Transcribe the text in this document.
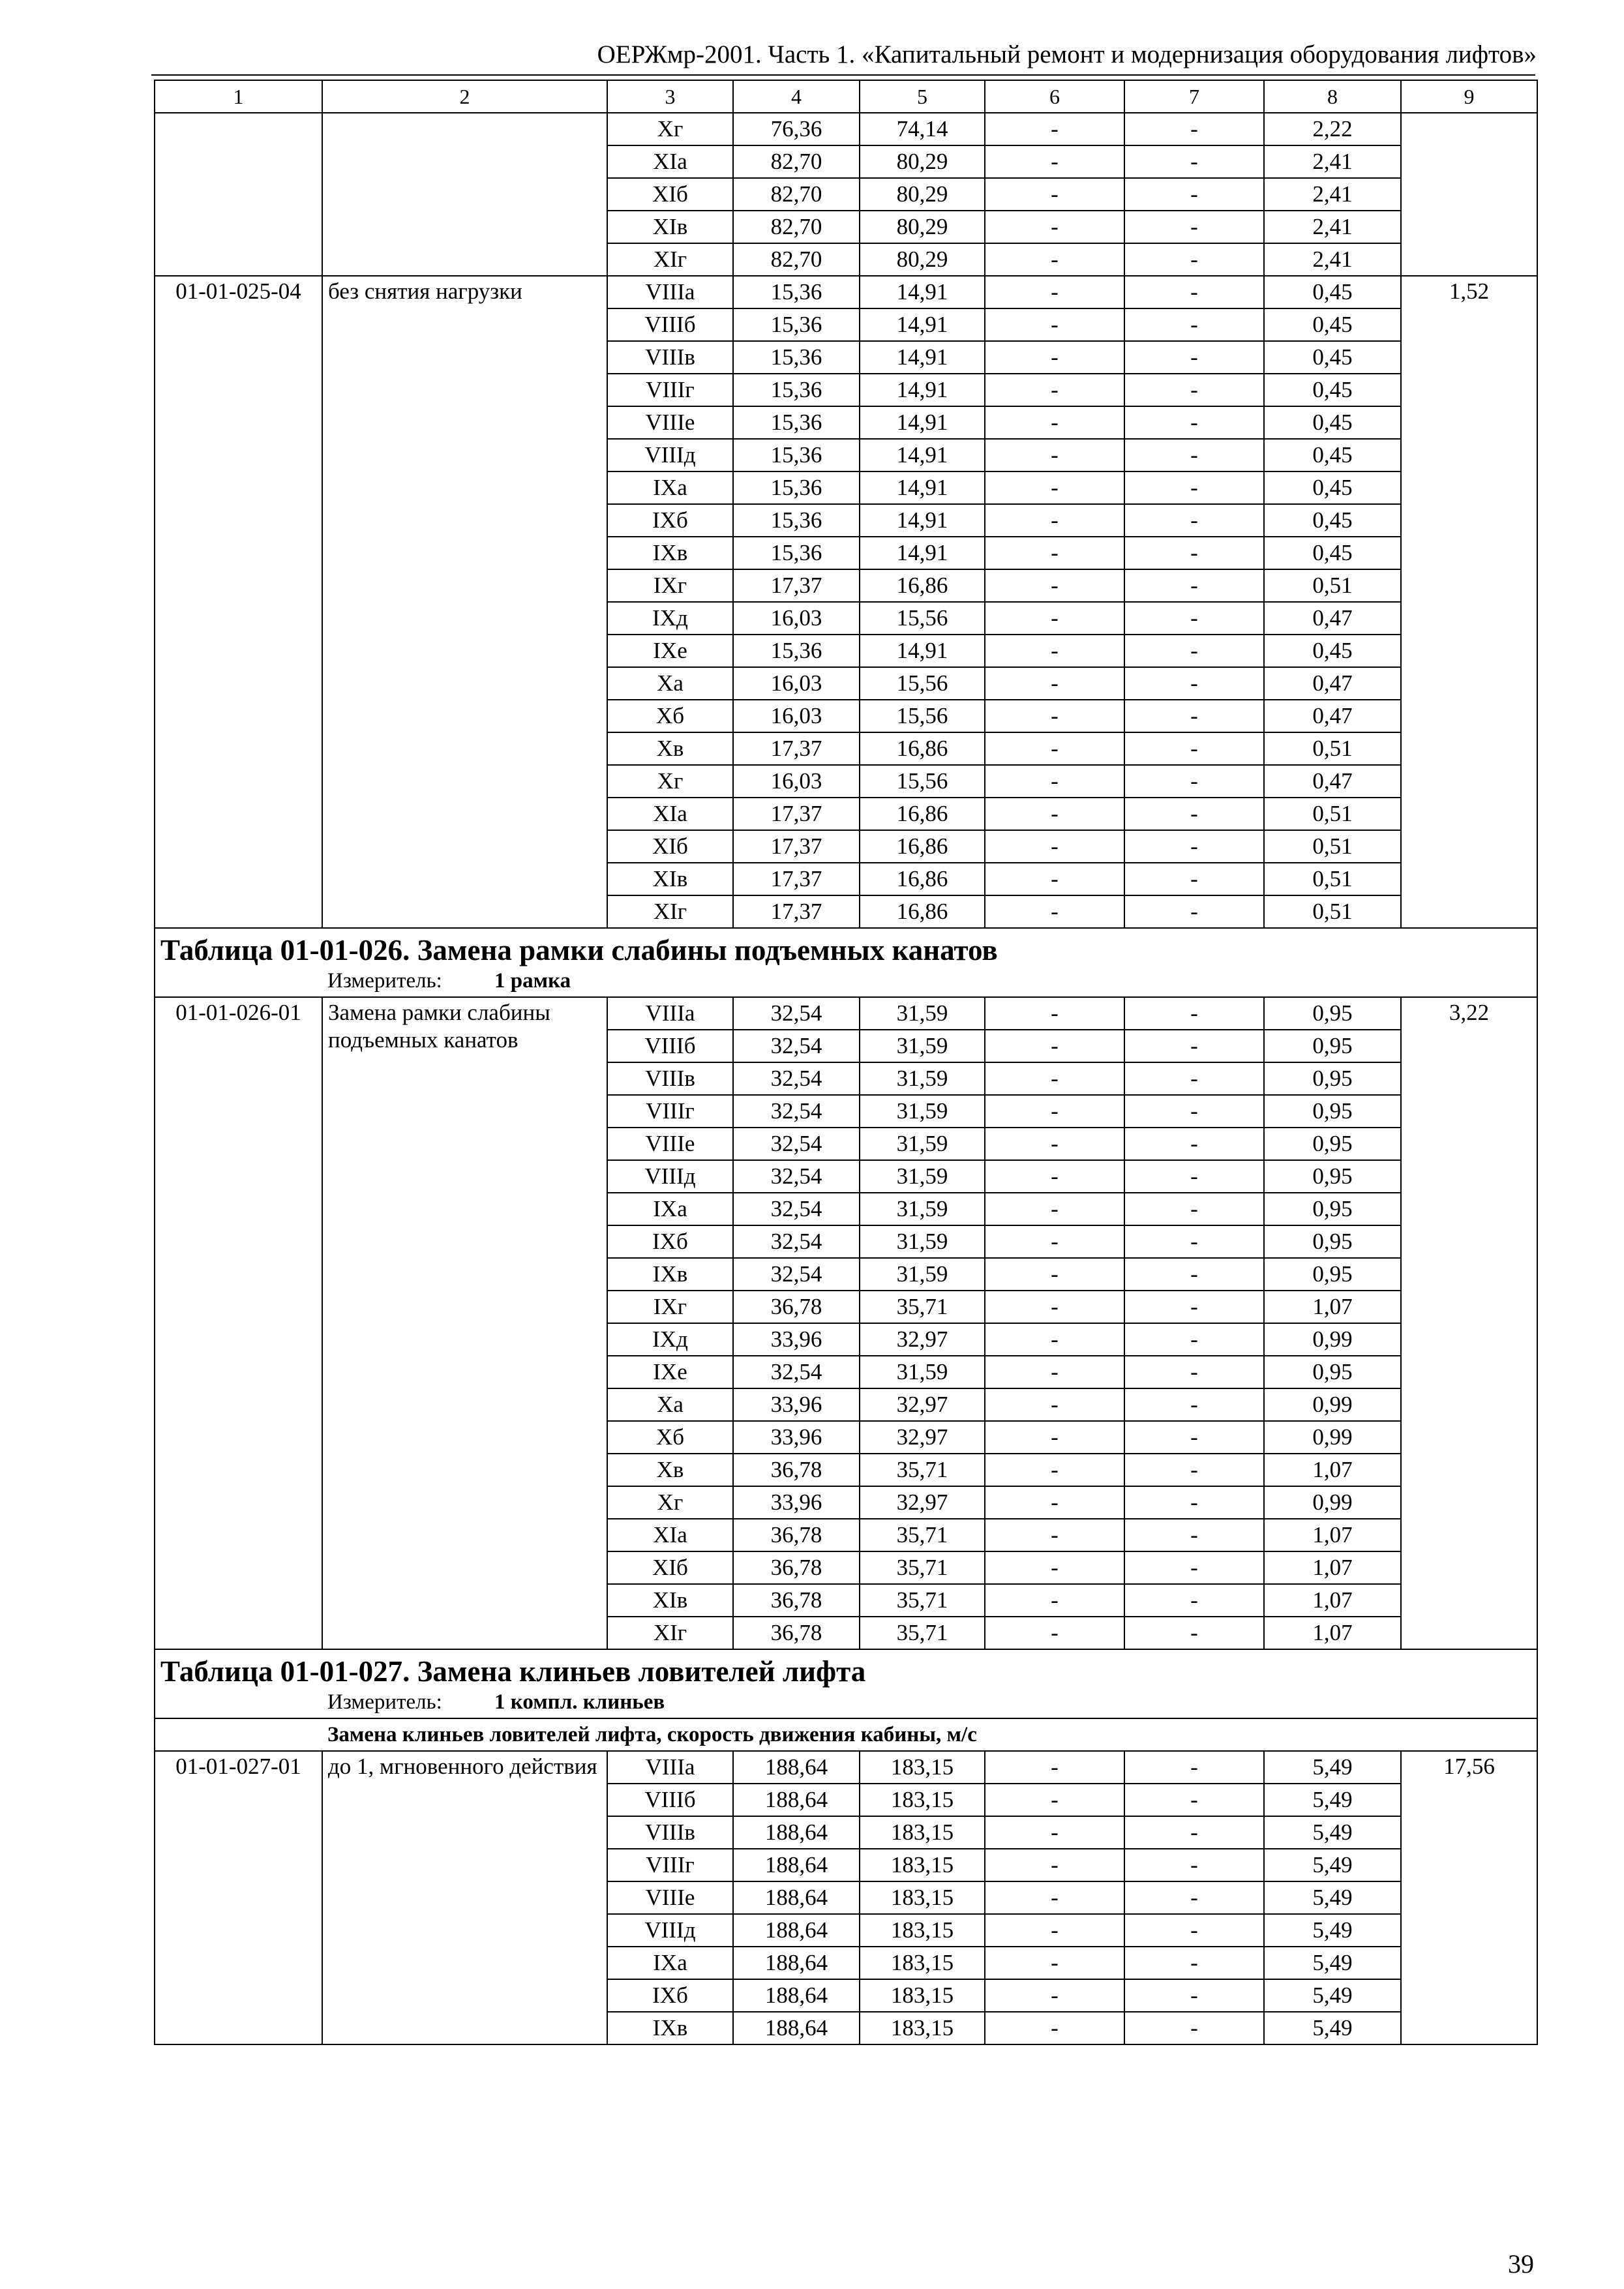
ОЕРЖмр-2001. Часть 1. «Капитальный ремонт и модернизация оборудования лифтов»
1	2	3	4	5	6	7	8	9
		Xг	76,36	74,14	-	-	2,22	
		XIа	82,70	80,29	-	-	2,41	
		XIб	82,70	80,29	-	-	2,41	
		XIв	82,70	80,29	-	-	2,41	
		XIг	82,70	80,29	-	-	2,41	
01-01-025-04	без снятия нагрузки	VIIIа	15,36	14,91	-	-	0,45	1,52
		VIIIб	15,36	14,91	-	-	0,45	
		VIIIв	15,36	14,91	-	-	0,45	
		VIIIг	15,36	14,91	-	-	0,45	
		VIIIе	15,36	14,91	-	-	0,45	
		VIIIд	15,36	14,91	-	-	0,45	
		IXа	15,36	14,91	-	-	0,45	
		IXб	15,36	14,91	-	-	0,45	
		IXв	15,36	14,91	-	-	0,45	
		IXг	17,37	16,86	-	-	0,51	
		IXд	16,03	15,56	-	-	0,47	
		IXе	15,36	14,91	-	-	0,45	
		Xа	16,03	15,56	-	-	0,47	
		Xб	16,03	15,56	-	-	0,47	
		Xв	17,37	16,86	-	-	0,51	
		Xг	16,03	15,56	-	-	0,47	
		XIа	17,37	16,86	-	-	0,51	
		XIб	17,37	16,86	-	-	0,51	
		XIв	17,37	16,86	-	-	0,51	
		XIг	17,37	16,86	-	-	0,51	

Таблица 01-01-026. Замена рамки слабины подъемных канатов
Измеритель: 1 рамка								

01-01-026-01	Замена рамки слабины подъемных канатов	VIIIа	32,54	31,59	-	-	0,95	3,22
		VIIIб	32,54	31,59	-	-	0,95	
		VIIIв	32,54	31,59	-	-	0,95	
		VIIIг	32,54	31,59	-	-	0,95	
		VIIIе	32,54	31,59	-	-	0,95	
		VIIIд	32,54	31,59	-	-	0,95	
		IXа	32,54	31,59	-	-	0,95	
		IXб	32,54	31,59	-	-	0,95	
		IXв	32,54	31,59	-	-	0,95	
		IXг	36,78	35,71	-	-	1,07	
		IXд	33,96	32,97	-	-	0,99	
		IXе	32,54	31,59	-	-	0,95	
		Xа	33,96	32,97	-	-	0,99	
		Xб	33,96	32,97	-	-	0,99	
		Xв	36,78	35,71	-	-	1,07	
		Xг	33,96	32,97	-	-	0,99	
		XIа	36,78	35,71	-	-	1,07	
		XIб	36,78	35,71	-	-	1,07	
		XIв	36,78	35,71	-	-	1,07	
		XIг	36,78	35,71	-	-	1,07	

Таблица 01-01-027. Замена клиньев ловителей лифта
Измеритель: 1 компл. клиньев								

Замена клиньев ловителей лифта, скорость движения кабины, м/с								
01-01-027-01	до 1, мгновенного действия	VIIIа	188,64	183,15	-	-	5,49	17,56
		VIIIб	188,64	183,15	-	-	5,49	
		VIIIв	188,64	183,15	-	-	5,49	
		VIIIг	188,64	183,15	-	-	5,49	
		VIIIе	188,64	183,15	-	-	5,49	
		VIIIд	188,64	183,15	-	-	5,49	
		IXа	188,64	183,15	-	-	5,49	
		IXб	188,64	183,15	-	-	5,49	
		IXв	188,64	183,15	-	-	5,49	
39
